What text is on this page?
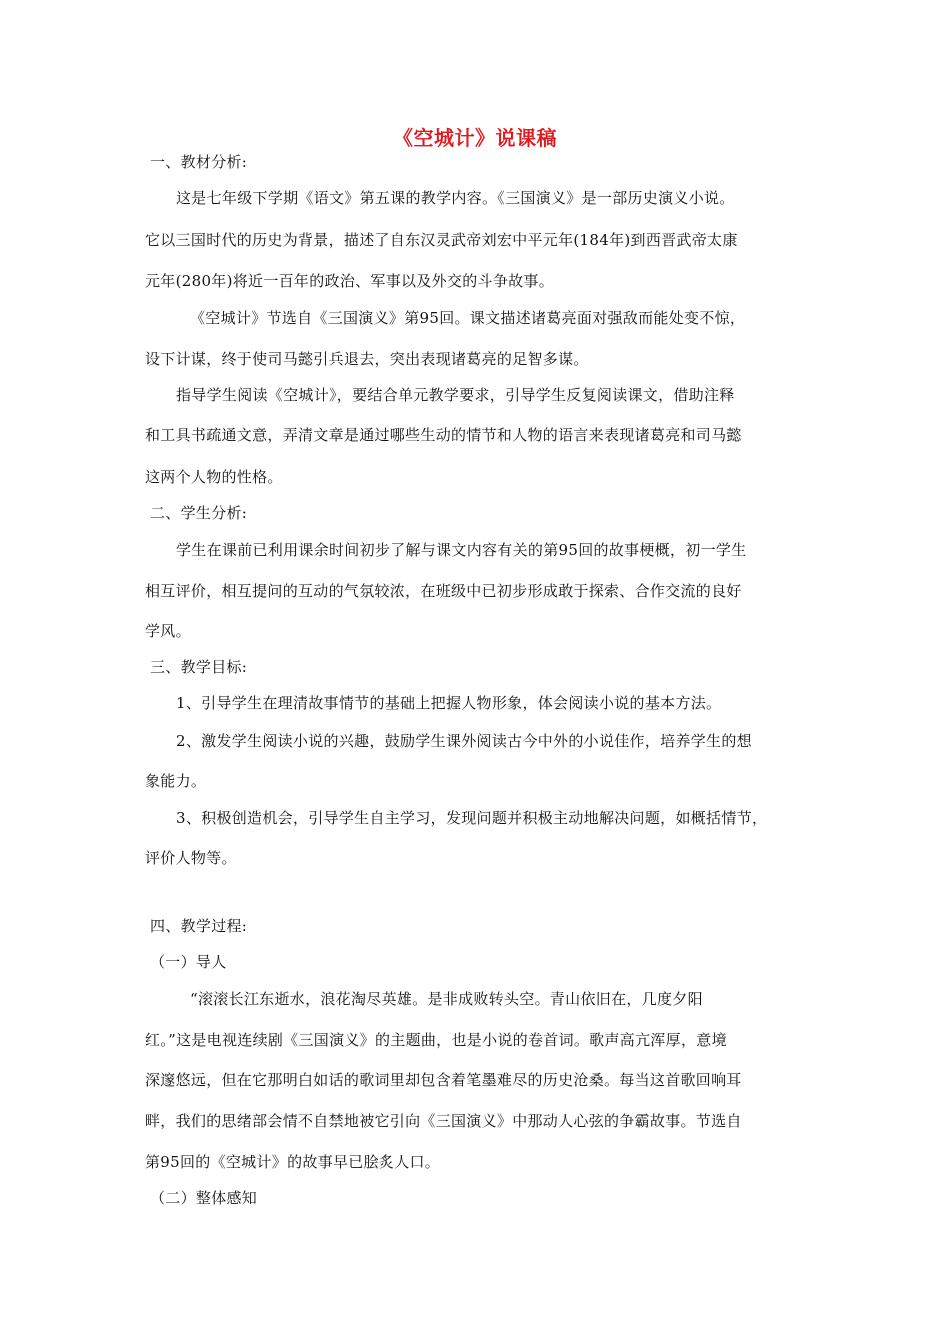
《空城计》说课稿
一、教材分析:
这是七年级下学期《语文》第五课的教学内容。《三国演义》是一部历史演义小说。
它以三国时代的历史为背景，描述了自东汉灵武帝刘宏中平元年(184年)到西晋武帝太康
元年(280年)将近一百年的政治、军事以及外交的斗争故事。
《空城计》节选自《三国演义》第95回。课文描述诸葛亮面对强敌而能处变不惊，
设下计谋，终于使司马懿引兵退去，突出表现诸葛亮的足智多谋。
指导学生阅读《空城计》，要结合单元教学要求，引导学生反复阅读课文，借助注释
和工具书疏通文意，弄清文章是通过哪些生动的情节和人物的语言来表现诸葛亮和司马懿
这两个人物的性格。
二、学生分析:
学生在课前已利用课余时间初步了解与课文内容有关的第95回的故事梗概，初一学生
相互评价，相互提问的互动的气氛较浓，在班级中已初步形成敢于探索、合作交流的良好
学风。
三、教学目标:
1、引导学生在理清故事情节的基础上把握人物形象，体会阅读小说的基本方法。
2、激发学生阅读小说的兴趣，鼓励学生课外阅读古今中外的小说佳作，培养学生的想
象能力。
3、积极创造机会，引导学生自主学习，发现问题并积极主动地解决问题，如概括情节，
评价人物等。
四、教学过程:
（一）导人
“滚滚长江东逝水，浪花淘尽英雄。是非成败转头空。青山依旧在，几度夕阳
红。”这是电视连续剧《三国演义》的主题曲，也是小说的卷首词。歌声高亢浑厚，意境
深邃悠远，但在它那明白如话的歌词里却包含着笔墨难尽的历史沧桑。每当这首歌回响耳
畔，我们的思绪部会情不自禁地被它引向《三国演义》中那动人心弦的争霸故事。节选自
第95回的《空城计》的故事早已脍炙人口。
（二）整体感知
